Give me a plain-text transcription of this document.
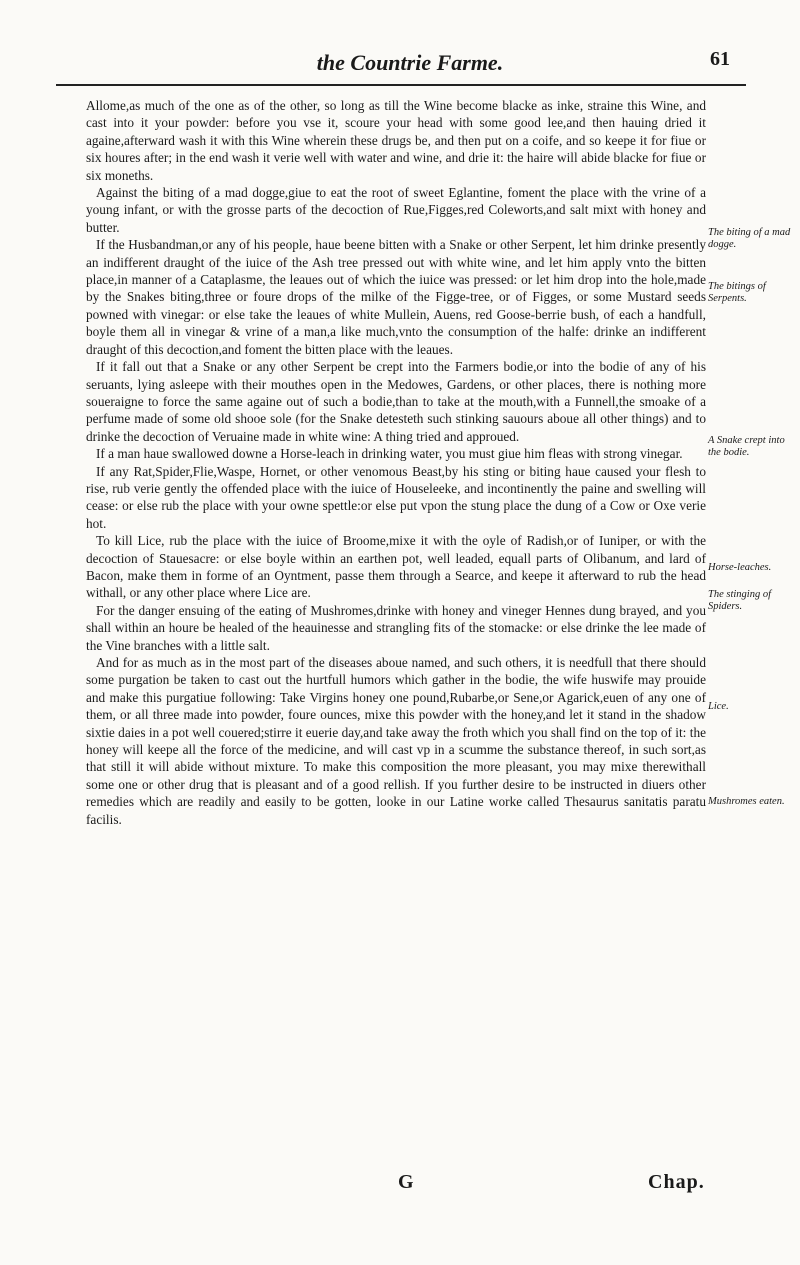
the Countrie Farme.	61

Allome,as much of the one as of the other, so long as till the Wine become blacke as inke, straine this Wine, and cast into it your powder: before you vse it, scoure your head with some good lee,and then hauing dried it againe,afterward wash it with this Wine wherein these drugs be, and then put on a coife, and so keepe it for fiue or six houres after; in the end wash it verie well with water and wine, and drie it: the haire will abide blacke for fiue or six moneths.

Against the biting of a mad dogge,giue to eat the root of sweet Eglantine, foment the place with the vrine of a young infant, or with the grosse parts of the decoction of Rue,Figges,red Coleworts,and salt mixt with honey and butter.

If the Husbandman,or any of his people, haue beene bitten with a Snake or other Serpent, let him drinke presently an indifferent draught of the iuice of the Ash tree pressed out with white wine, and let him apply vnto the bitten place,in manner of a Cataplasme, the leaues out of which the iuice was pressed: or let him drop into the hole,made by the Snakes biting,three or foure drops of the milke of the Figge-tree, or of Figges, or some Mustard seeds powned with vinegar: or else take the leaues of white Mullein, Auens, red Goose-berrie bush, of each a handfull, boyle them all in vinegar & vrine of a man,a like much,vnto the consumption of the halfe: drinke an indifferent draught of this decoction,and foment the bitten place with the leaues.

If it fall out that a Snake or any other Serpent be crept into the Farmers bodie,or into the bodie of any of his seruants, lying asleepe with their mouthes open in the Medowes, Gardens, or other places, there is nothing more soueraigne to force the same againe out of such a bodie,than to take at the mouth,with a Funnell,the smoake of a perfume made of some old shooe sole (for the Snake detesteth such stinking sauours aboue all other things) and to drinke the decoction of Veruaine made in white wine: A thing tried and approued.

If a man haue swallowed downe a Horse-leach in drinking water, you must giue him fleas with strong vinegar.

If any Rat,Spider,Flie,Waspe, Hornet, or other venomous Beast,by his sting or biting haue caused your flesh to rise, rub verie gently the offended place with the iuice of Houseleeke, and incontinently the paine and swelling will cease: or else rub the place with your owne spettle:or else put vpon the stung place the dung of a Cow or Oxe verie hot.

To kill Lice, rub the place with the iuice of Broome,mixe it with the oyle of Radish,or of Iuniper, or with the decoction of Stauesacre: or else boyle within an earthen pot, well leaded, equall parts of Olibanum, and lard of Bacon, make them in forme of an Oyntment, passe them through a Searce, and keepe it afterward to rub the head withall, or any other place where Lice are.

For the danger ensuing of the eating of Mushromes,drinke with honey and vineger Hennes dung brayed, and you shall within an houre be healed of the heauinesse and strangling fits of the stomacke: or else drinke the lee made of the Vine branches with a little salt.

And for as much as in the most part of the diseases aboue named, and such others, it is needfull that there should some purgation be taken to cast out the hurtfull humors which gather in the bodie, the wife huswife may prouide and make this purgatiue following: Take Virgins honey one pound,Rubarbe,or Sene,or Agarick,euen of any one of them, or all three made into powder, foure ounces, mixe this powder with the honey,and let it stand in the shadow sixtie daies in a pot well couered;stirre it euerie day,and take away the froth which you shall find on the top of it: the honey will keepe all the force of the medicine, and will cast vp in a scumme the substance thereof, in such sort,as that still it will abide without mixture. To make this composition the more pleasant, you may mixe therewithall some one or other drug that is pleasant and of a good rellish. If you further desire to be instructed in diuers other remedies which are readily and easily to be gotten, looke in our Latine worke called Thesaurus sanitatis paratu facilis.

The biting of a mad dogge.
The bitings of Serpents.
A Snake crept into the bodie.
Horse-leaches.
The stinging of Spiders.
Lice.
Mushromes eaten.
G	Chap.
